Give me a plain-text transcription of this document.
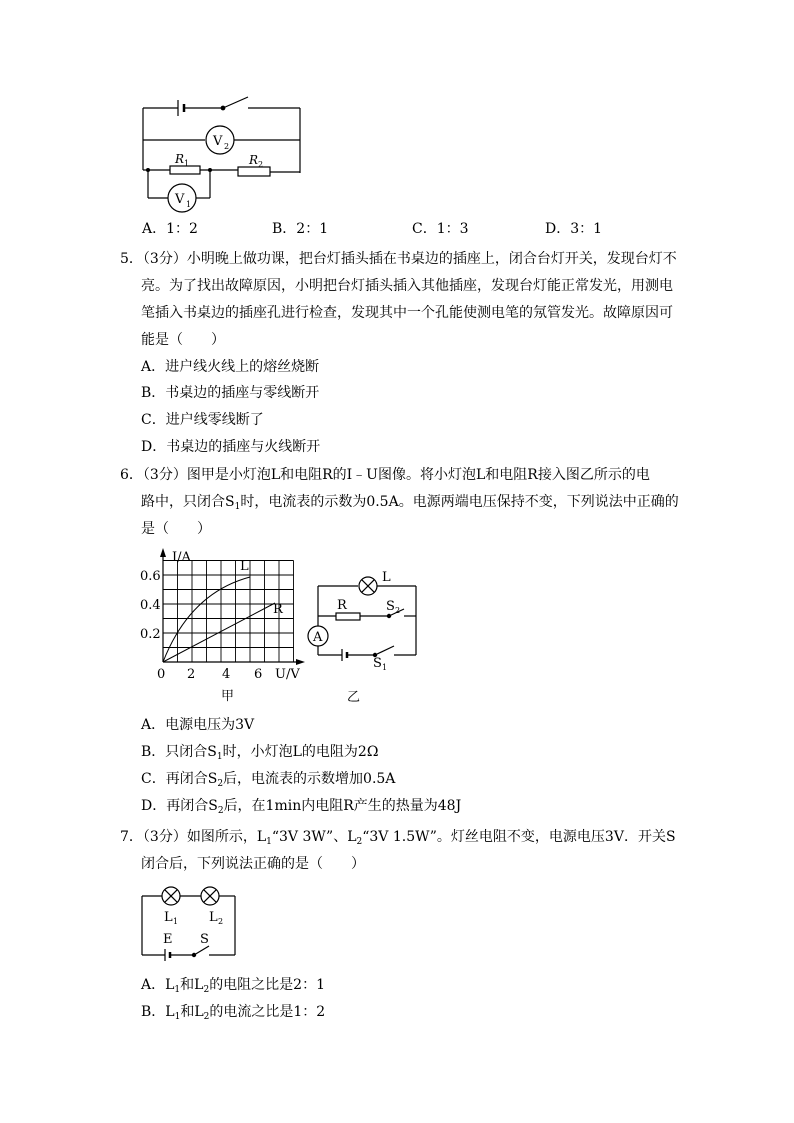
V 2
V 1
R 1	R 2
A．1：2	B．2：1	C．1：3	D．3：1
5．（3分）小明晚上做功课，把台灯插头插在书桌边的插座上，闭合台灯开关，发现台灯不
亮。为了找出故障原因，小明把台灯插头插入其他插座，发现台灯能正常发光，用测电
笔插入书桌边的插座孔进行检查，发现其中一个孔能使测电笔的氖管发光。故障原因可
能是（　　）
A．进户线火线上的熔丝烧断
B．书桌边的插座与零线断开
C．进户线零线断了
D．书桌边的插座与火线断开
6．（3分）图甲是小灯泡L和电阻R的I﹣U图像。将小灯泡L和电阻R接入图乙所示的电
路中，只闭合$S_1$时，电流表的示数为0.5A。电源两端电压保持不变，下列说法中正确的
是（　　）
I/A
0.6
0.4
0.2
0 2 4 6 U/V
L
R
甲
L
R	S 2
A
S 1
乙
A．电源电压为3V
B．只闭合$S_1$时，小灯泡L的电阻为2Ω
C．再闭合$S_2$后，电流表的示数增加0.5A
D．再闭合$S_2$后，在1min内电阻R产生的热量为48J
7．（3分）如图所示，$L_1“3V$ 3W”、$L_2“3V$ 1.5W”。灯丝电阻不变，电源电压3V．开关S
闭合后，下列说法正确的是（　　）
L 1 L 2
E S
A．$L_1$和$L_2$的电阻之比是2：1
B．$L_1$和$L_2$的电流之比是1：2
